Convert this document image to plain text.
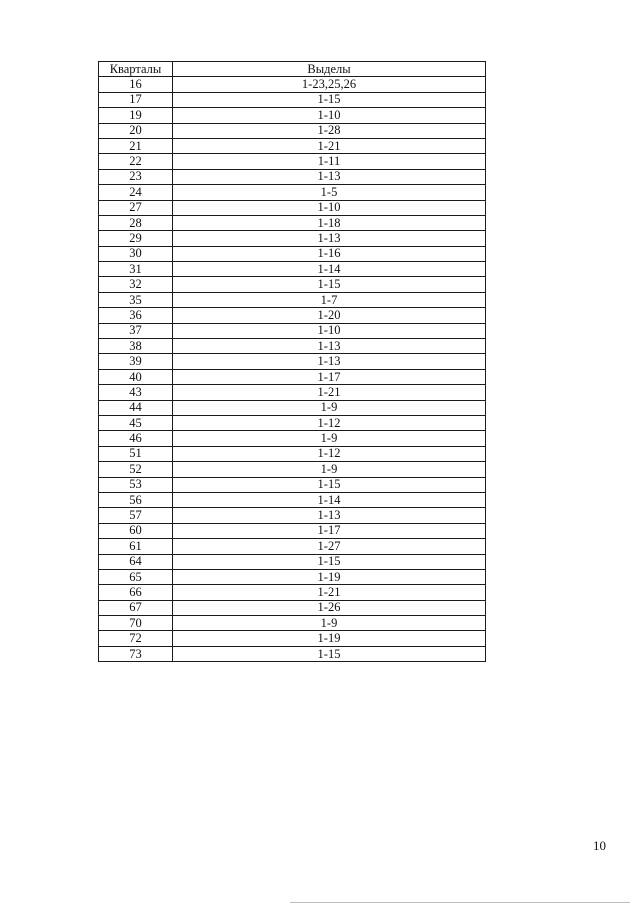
Кварталы	Выделы
16	1-23,25,26
17	1-15
19	1-10
20	1-28
21	1-21
22	1-11
23	1-13
24	1-5
27	1-10
28	1-18
29	1-13
30	1-16
31	1-14
32	1-15
35	1-7
36	1-20
37	1-10
38	1-13
39	1-13
40	1-17
43	1-21
44	1-9
45	1-12
46	1-9
51	1-12
52	1-9
53	1-15
56	1-14
57	1-13
60	1-17
61	1-27
64	1-15
65	1-19
66	1-21
67	1-26
70	1-9
72	1-19
73	1-15
10
